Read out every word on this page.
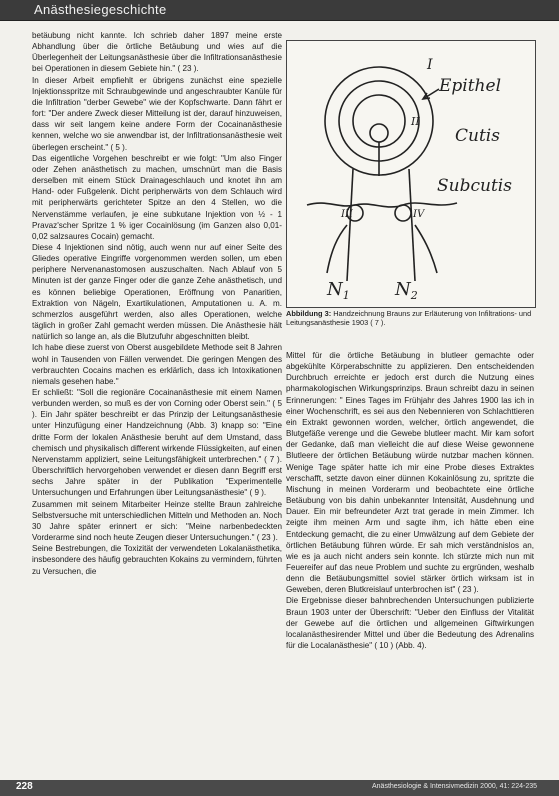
Anästhesiegeschichte

betäubung nicht kannte. Ich schrieb daher 1897 meine erste Abhandlung über die örtliche Betäubung und wies auf die Überlegenheit der Leitungsanästhesie über die Infiltrationsanästhesie bei Operationen in diesem Gebiete hin." ( 23 ).

In dieser Arbeit empfiehlt er übrigens zunächst eine spezielle Injektionsspritze mit Schraubgewinde und angeschraubter Kanüle für die Infiltration "derber Gewebe" wie der Kopfschwarte. Dann fährt er fort: "Der andere Zweck dieser Mitteilung ist der, darauf hinzuweisen, dass wir seit langem keine andere Form der Cocainanästhesie kennen, welche wo sie anwendbar ist, der Infiltrationsanästhesie weit überlegen erscheint." ( 5 ).

Das eigentliche Vorgehen beschreibt er wie folgt: "Um also Finger oder Zehen anästhetisch zu machen, umschnürt man die Basis derselben mit einem Stück Drainageschlauch und knotet ihn am Hand- oder Fußgelenk. Dicht peripherwärts von dem Schlauch wird mit peripherwärts gerichteter Spitze an den 4 Stellen, wo die Nervenstämme verlaufen, je eine subkutane Injektion von ½ - 1 Pravaz'scher Spritze 1 % iger Cocainlösung (im Ganzen also 0,01-0,02 salzsaures Cocain) gemacht.

Diese 4 Injektionen sind nötig, auch wenn nur auf einer Seite des Gliedes operative Eingriffe vorgenommen werden sollen, um eben periphere Nervenanastomosen auszuschalten. Nach Ablauf von 5 Minuten ist der ganze Finger oder die ganze Zehe anästhetisch, und es können beliebige Operationen, Eröffnung von Panaritien, Extraktion von Nägeln, Exartikulationen, Amputationen u. A. m. schmerzlos ausgeführt werden, also alles Operationen, welche täglich in großer Zahl gemacht werden müssen. Die Anästhesie hält natürlich so lange an, als die Blutzufuhr abgeschnitten bleibt.

Ich habe diese zuerst von Oberst ausgebildete Methode seit 8 Jahren wohl in Tausenden von Fällen verwendet. Die geringen Mengen des verbrauchten Cocains machen es erklärlich, dass ich Intoxikationen niemals gesehen habe."

Er schließt: "Soll die regionäre Cocainanästhesie mit einem Namen verbunden werden, so muß es der von Corning oder Oberst sein." ( 5 ). Ein Jahr später beschreibt er das Prinzip der Leitungsanästhesie unter Hinzufügung einer Handzeichnung (Abb. 3) knapp so: "Eine dritte Form der lokalen Anästhesie beruht auf dem Umstand, dass chemisch und physikalisch different wirkende Flüssigkeiten, auf einen Nervenstamm appliziert, seine Leitungsfähigkeit unterbrechen." ( 7 ). Überschriftlich hervorgehoben verwendet er diesen dann Begriff erst sechs Jahre später in der Publikation "Experimentelle Untersuchungen und Erfahrungen über Leitungsanästhesie" ( 9 ).

Zusammen mit seinem Mitarbeiter Heinze stellte Braun zahlreiche Selbstversuche mit unterschiedlichen Mitteln und Methoden an. Noch 30 Jahre später erinnert er sich: "Meine narbenbedeckten Vorderarme sind noch heute Zeugen dieser Untersuchungen." ( 23 ).

Seine Bestrebungen, die Toxizität der verwendeten Lokalanästhetika, insbesondere des häufig gebrauchten Kokains zu vermindern, führten zu Versuchen, die

I
Epithel
II
Cutis
III	IV
Subcutis
$N_1$	$N_2$
Abbildung 3: Handzeichnung Brauns zur Erläuterung von Infiltrations- und Leitungsanästhesie 1903 ( 7 ).

Mittel für die örtliche Betäubung in blutleer gemachte oder abgekühlte Körperabschnitte zu applizieren. Den entscheidenden Durchbruch erreichte er jedoch erst durch die Nutzung eines pharmakologischen Wirkungsprinzips. Braun schreibt dazu in seinen Erinnerungen: " Eines Tages im Frühjahr des Jahres 1900 las ich in einer Wochenschrift, es sei aus den Nebennieren von Schlachttieren ein Extrakt gewonnen worden, welcher, örtlich angewendet, die Blutgefäße verenge und die Gewebe blutleer macht. Mir kam sofort der Gedanke, daß man vielleicht die auf diese Weise gewonnene Blutleere der örtlichen Betäubung würde nutzbar machen können. Wenige Tage später hatte ich mir eine Probe dieses Extraktes verschafft, setzte davon einer dünnen Kokainlösung zu, spritzte die Mischung in meinen Vorderarm und beobachtete eine örtliche Betäubung von bis dahin unbekannter Intensität, Ausdehnung und Dauer. Ein mir befreundeter Arzt trat gerade in mein Zimmer. Ich zeigte ihm meinen Arm und sagte ihm, ich hätte eben eine Entdeckung gemacht, die zu einer Umwälzung auf dem Gebiete der örtlichen Betäubung führen würde. Er sah mich verständnislos an, wie es ja auch nicht anders sein konnte. Ich stürzte mich nun mit Feuereifer auf das neue Problem und suchte zu ergründen, weshalb denn die Betäubungsmittel soviel stärker örtlich wirksam ist in Geweben, deren Blutkreislauf unterbrochen ist" ( 23 ).

Die Ergebnisse dieser bahnbrechenden Untersuchungen publizierte Braun 1903 unter der Überschrift: "Ueber den Einfluss der Vitalität der Gewebe auf die örtlichen und allgemeinen Giftwirkungen localanästhesirender Mittel und über die Bedeutung des Adrenalins für die Localanästhesie" ( 10 ) (Abb. 4).

228	Anästhesiologie & Intensivmedizin 2000, 41: 224-235
